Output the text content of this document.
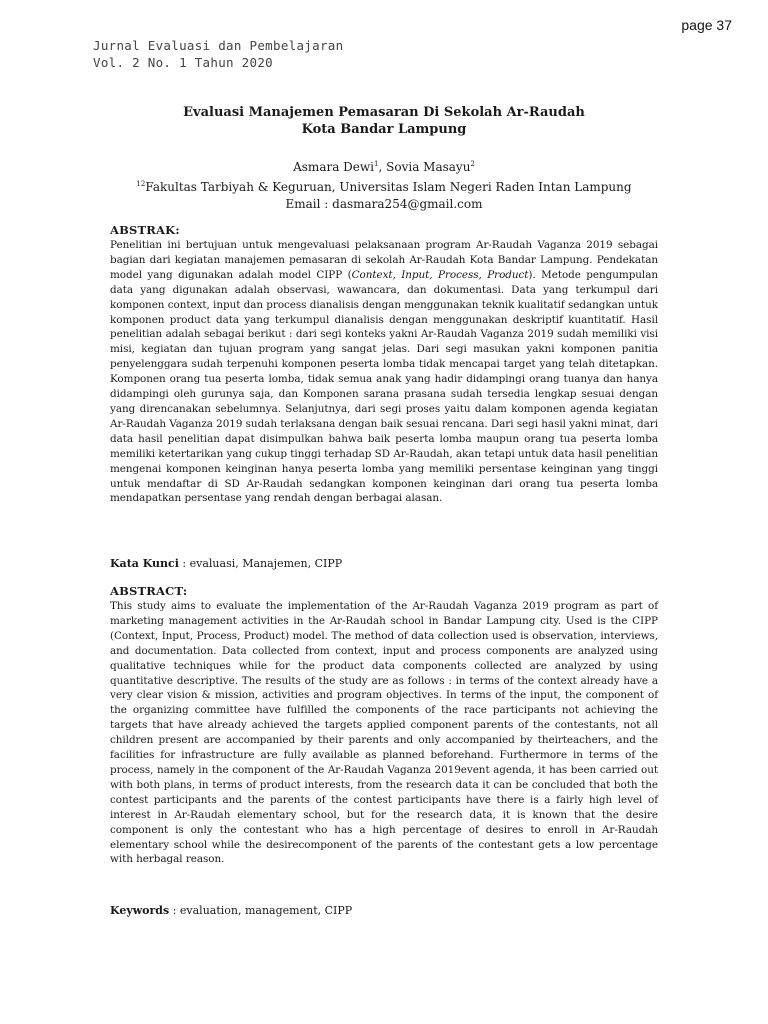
page 37
Jurnal Evaluasi dan Pembelajaran
Vol. 2 No. 1 Tahun 2020

Evaluasi Manajemen Pemasaran Di Sekolah Ar-Raudah

Kota Bandar Lampung

Asmara Dewi$^1$, Sovia Masayu$^2$
$^{12}$Fakultas Tarbiyah & Keguruan, Universitas Islam Negeri Raden Intan Lampung
Email : dasmara254@gmail.com
ABSTRAK:

Penelitian ini bertujuan untuk mengevaluasi pelaksanaan program Ar-Raudah Vaganza 2019 sebagai bagian dari kegiatan manajemen pemasaran di sekolah Ar-Raudah Kota Bandar Lampung. Pendekatan model yang digunakan adalah model CIPP (Context, Input, Process, Product). Metode pengumpulan data yang digunakan adalah observasi, wawancara, dan dokumentasi. Data yang terkumpul dari komponen context, input dan process dianalisis dengan menggunakan teknik kualitatif sedangkan untuk komponen product data yang terkumpul dianalisis dengan menggunakan deskriptif kuantitatif. Hasil penelitian adalah sebagai berikut : dari segi konteks yakni Ar-Raudah Vaganza 2019 sudah memiliki visi misi, kegiatan dan tujuan program yang sangat jelas. Dari segi masukan yakni komponen panitia penyelenggara sudah terpenuhi komponen peserta lomba tidak mencapai target yang telah ditetapkan. Komponen orang tua peserta lomba, tidak semua anak yang hadir didampingi orang tuanya dan hanya didampingi oleh gurunya saja, dan Komponen sarana prasana sudah tersedia lengkap sesuai dengan yang direncanakan sebelumnya. Selanjutnya, dari segi proses yaitu dalam komponen agenda kegiatan Ar-Raudah Vaganza 2019 sudah terlaksana dengan baik sesuai rencana. Dari segi hasil yakni minat, dari data hasil penelitian dapat disimpulkan bahwa baik peserta lomba maupun orang tua peserta lomba memiliki ketertarikan yang cukup tinggi terhadap SD Ar-Raudah, akan tetapi untuk data hasil penelitian mengenai komponen keinginan hanya peserta lomba yang memiliki persentase keinginan yang tinggi untuk mendaftar di SD Ar-Raudah sedangkan komponen keinginan dari orang tua peserta lomba mendapatkan persentase yang rendah dengan berbagai alasan.

Kata Kunci : evaluasi, Manajemen, CIPP
ABSTRACT:

This study aims to evaluate the implementation of the Ar-Raudah Vaganza 2019 program as part of marketing management activities in the Ar-Raudah school in Bandar Lampung city. Used is the CIPP (Context, Input, Process, Product) model. The method of data collection used is observation, interviews, and documentation. Data collected from context, input and process components are analyzed using qualitative techniques while for the product data components collected are analyzed by using quantitative descriptive. The results of the study are as follows : in terms of the context already have a very clear vision & mission, activities and program objectives. In terms of the input, the component of the organizing committee have fulfilled the components of the race participants not achieving the targets that have already achieved the targets applied component parents of the contestants, not all children present are accompanied by their parents and only accompanied by theirteachers, and the facilities for infrastructure are fully available as planned beforehand. Furthermore in terms of the process, namely in the component of the Ar-Raudah Vaganza 2019event agenda, it has been carried out with both plans, in terms of product interests, from the research data it can be concluded that both the contest participants and the parents of the contest participants have there is a fairly high level of interest in Ar-Raudah elementary school, but for the research data, it is known that the desire component is only the contestant who has a high percentage of desires to enroll in Ar-Raudah elementary school while the desirecomponent of the parents of the contestant gets a low percentage with herbagal reason.

Keywords : evaluation, management, CIPP
